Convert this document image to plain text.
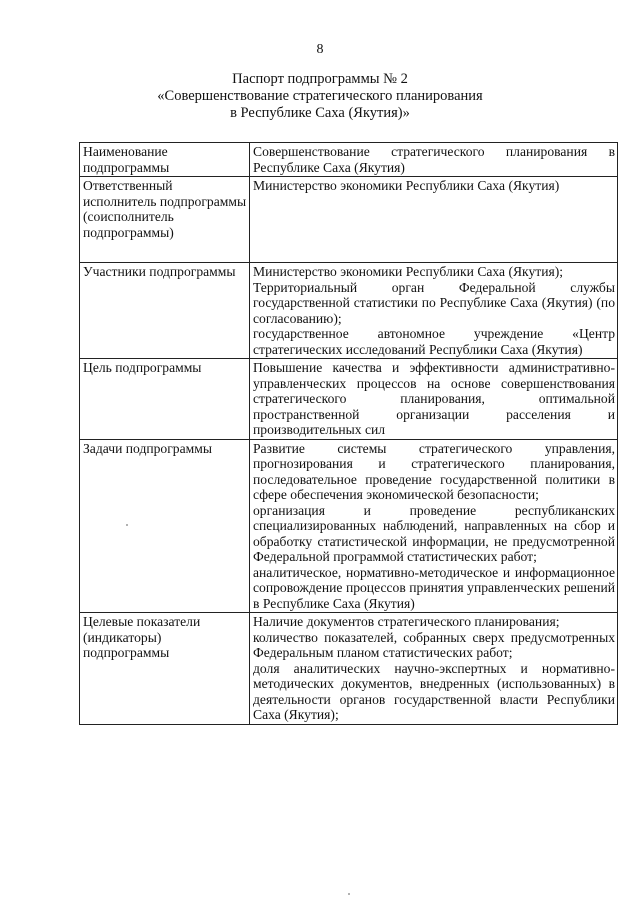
8
Паспорт подпрограммы № 2
«Совершенствование стратегического планирования
в Республике Саха (Якутия)»
Наименование подпрограммы	Совершенствование стратегического планирования в Республике Саха (Якутия)

Ответственный исполнитель подпрограммы (соисполнитель подпрограммы)	Министерство экономики Республики Саха (Якутия)

Участники подпрограммы	Министерство экономики Республики Саха (Якутия);
Территориальный орган Федеральной службы государственной статистики по Республике Саха (Якутия) (по согласованию);
государственное автономное учреждение «Центр стратегических исследований Республики Саха (Якутия)

Цель подпрограммы	Повышение качества и эффективности административно-управленческих процессов на основе совершенствования стратегического планирования, оптимальной пространственной организации расселения и производительных сил

Задачи подпрограммы	Развитие системы стратегического управления, прогнозирования и стратегического планирования, последовательное проведение государственной политики в сфере обеспечения экономической безопасности;
организация и проведение республиканских специализированных наблюдений, направленных на сбор и обработку статистической информации, не предусмотренной Федеральной программой статистических работ;
аналитическое, нормативно-методическое и информационное сопровождение процессов принятия управленческих решений в Республике Саха (Якутия)

Целевые показатели (индикаторы) подпрограммы	Наличие документов стратегического планирования;
количество показателей, собранных сверх предусмотренных Федеральным планом статистических работ;
доля аналитических научно-экспертных и нормативно-методических документов, внедренных (использованных) в деятельности органов государственной власти Республики Саха (Якутия);
